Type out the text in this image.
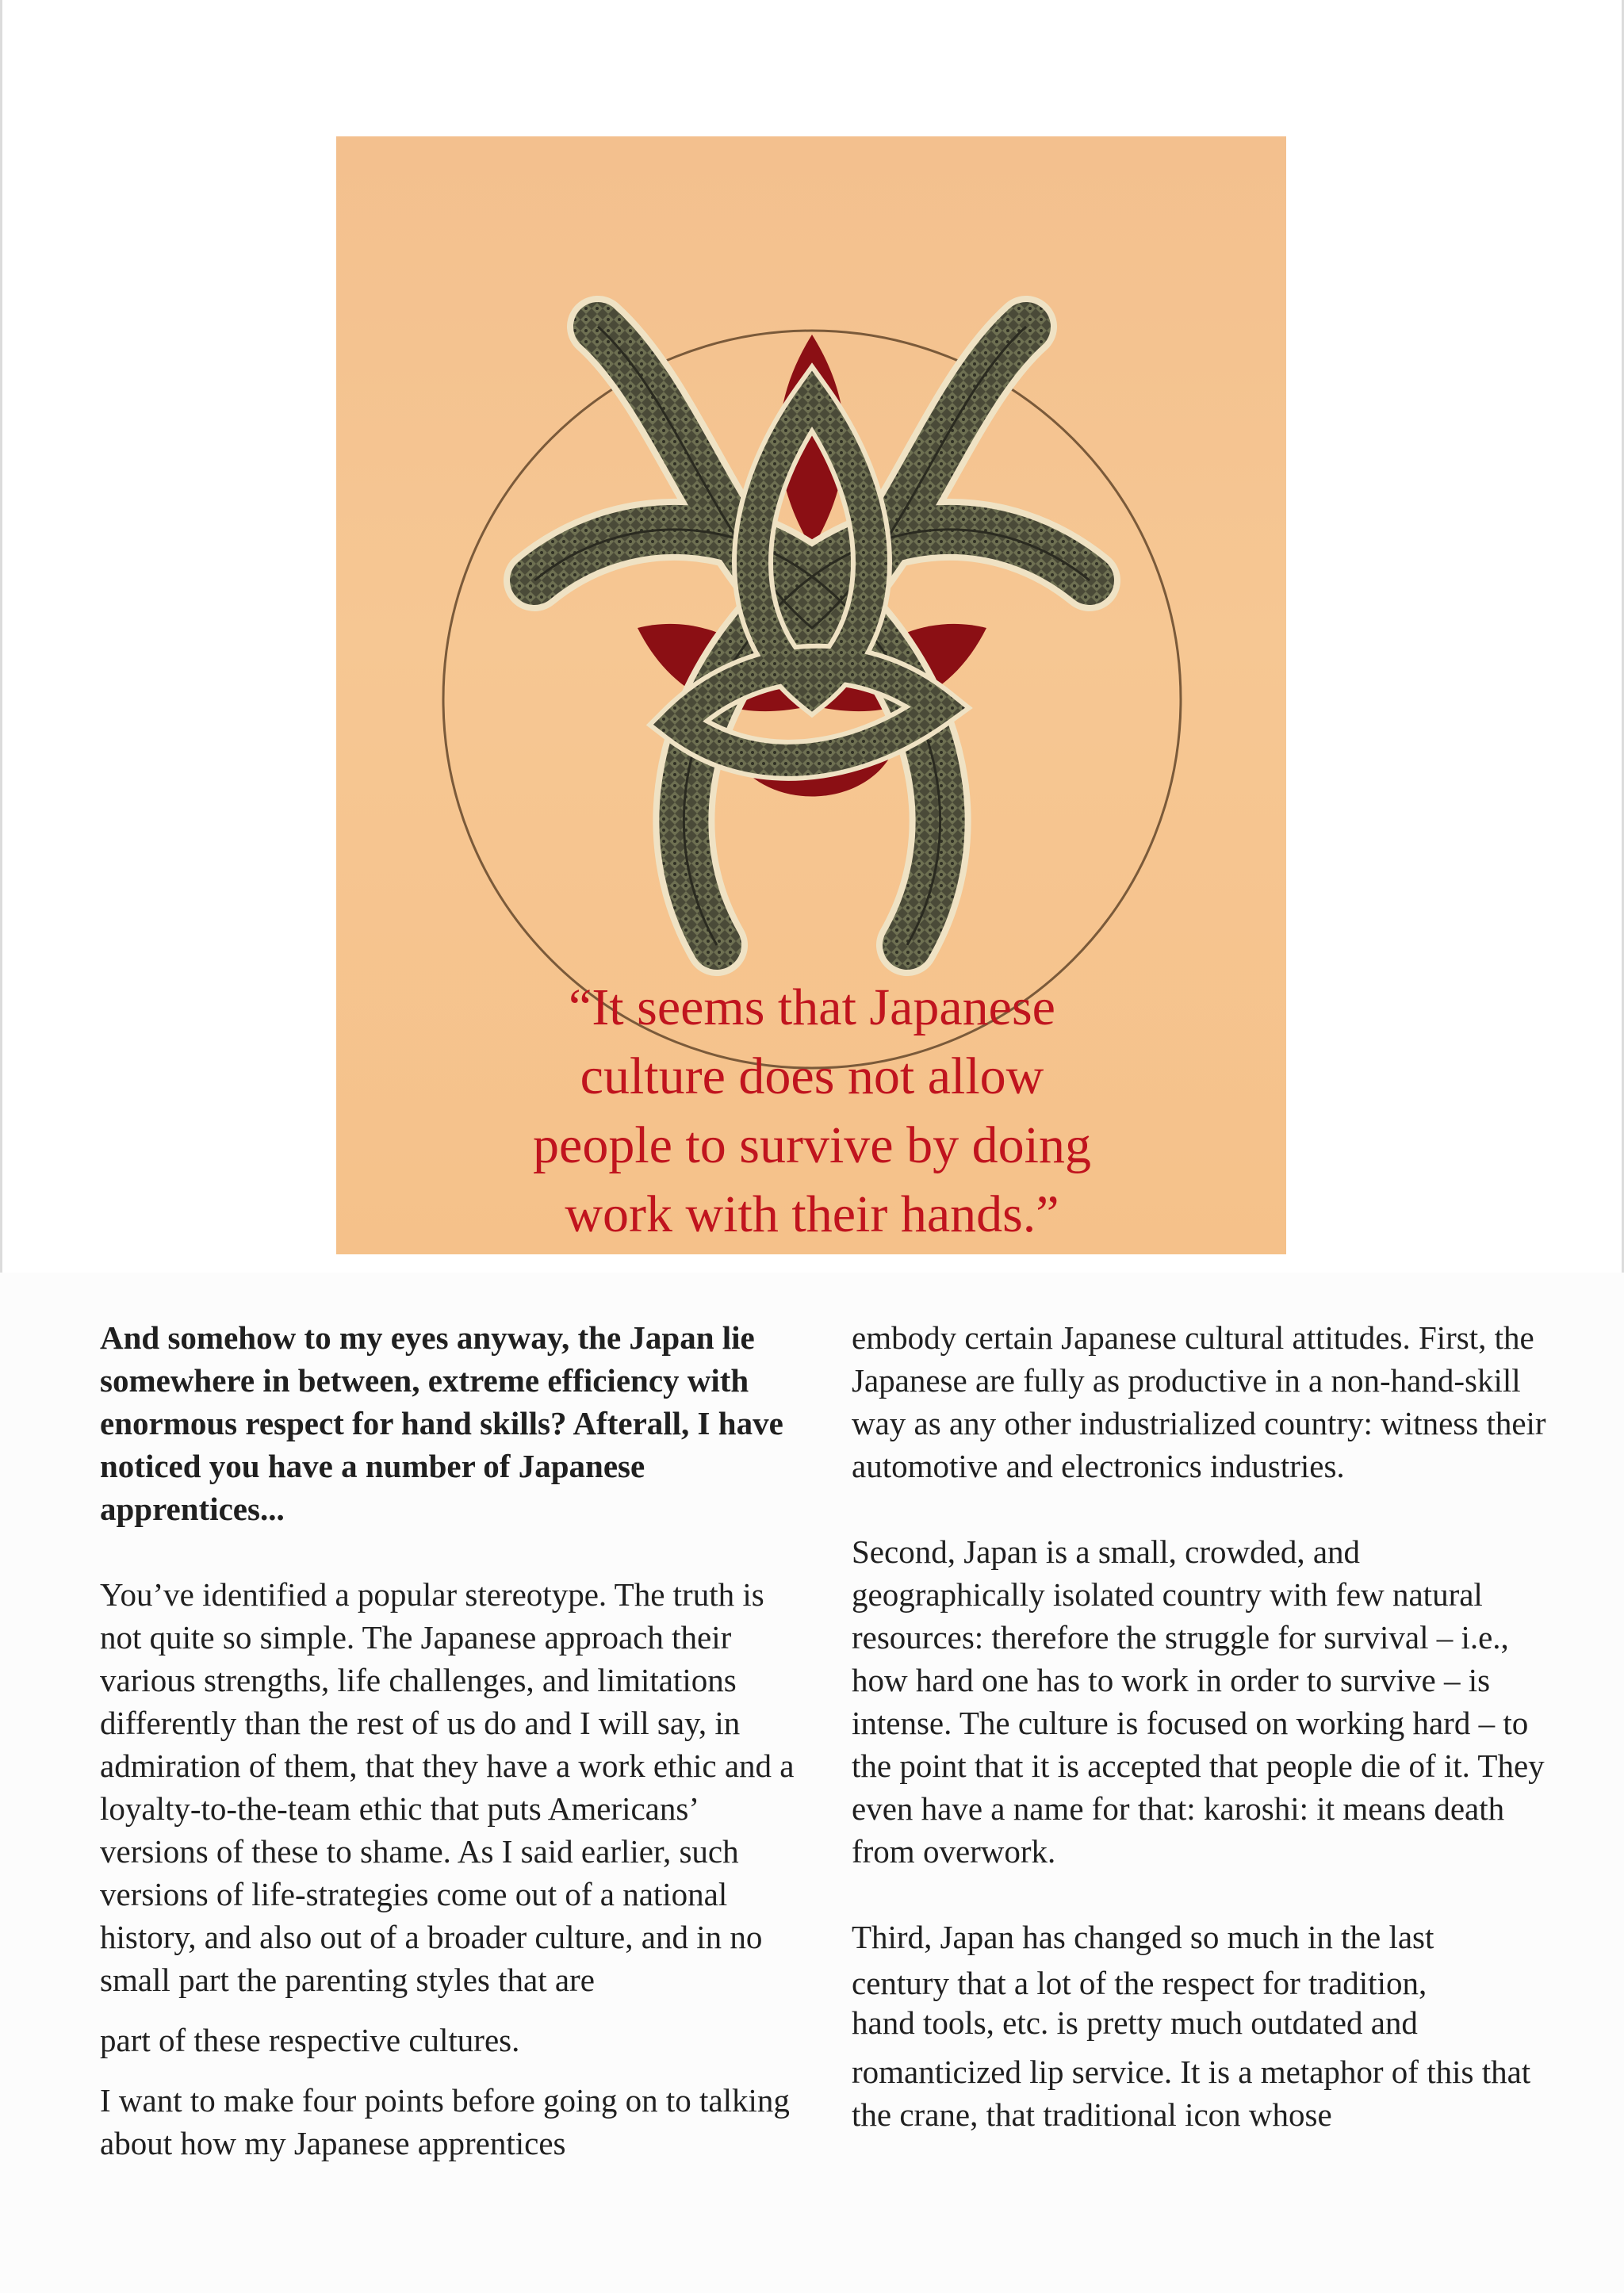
“It seems that Japanese
culture does not allow
people to survive by doing
work with their hands.”

And somehow to my eyes anyway, the Japan lie somewhere in between, extreme efficiency with enormous respect for hand skills? Afterall, I have noticed you have a number of Japanese apprentices...

You’ve identified a popular stereotype. The truth is not quite so simple. The Japanese approach their various strengths, life challenges, and limitations differently than the rest of us do and I will say, in admiration of them, that they have a work ethic and a loyalty-to-the-team ethic that puts Americans’ versions of these to shame. As I said earlier, such versions of life-strategies come out of a national history, and also out of a broader culture, and in no small part the parenting styles that are

part of these respective cultures.

I want to make four points before going on to talking about how my Japanese apprentices

embody certain Japanese cultural attitudes. First, the Japanese are fully as productive in a non-hand-skill way as any other industrialized country: witness their automotive and electronics industries.

Second, Japan is a small, crowded, and geographically isolated country with few natural resources: therefore the struggle for survival – i.e., how hard one has to work in order to survive – is intense. The culture is focused on working hard – to the point that it is accepted that people die of it. They even have a name for that: karoshi: it means death from overwork.

Third, Japan has changed so much in the last

century that a lot of the respect for tradition,

hand tools, etc. is pretty much outdated and

romanticized lip service. It is a metaphor of this that the crane, that traditional icon whose
